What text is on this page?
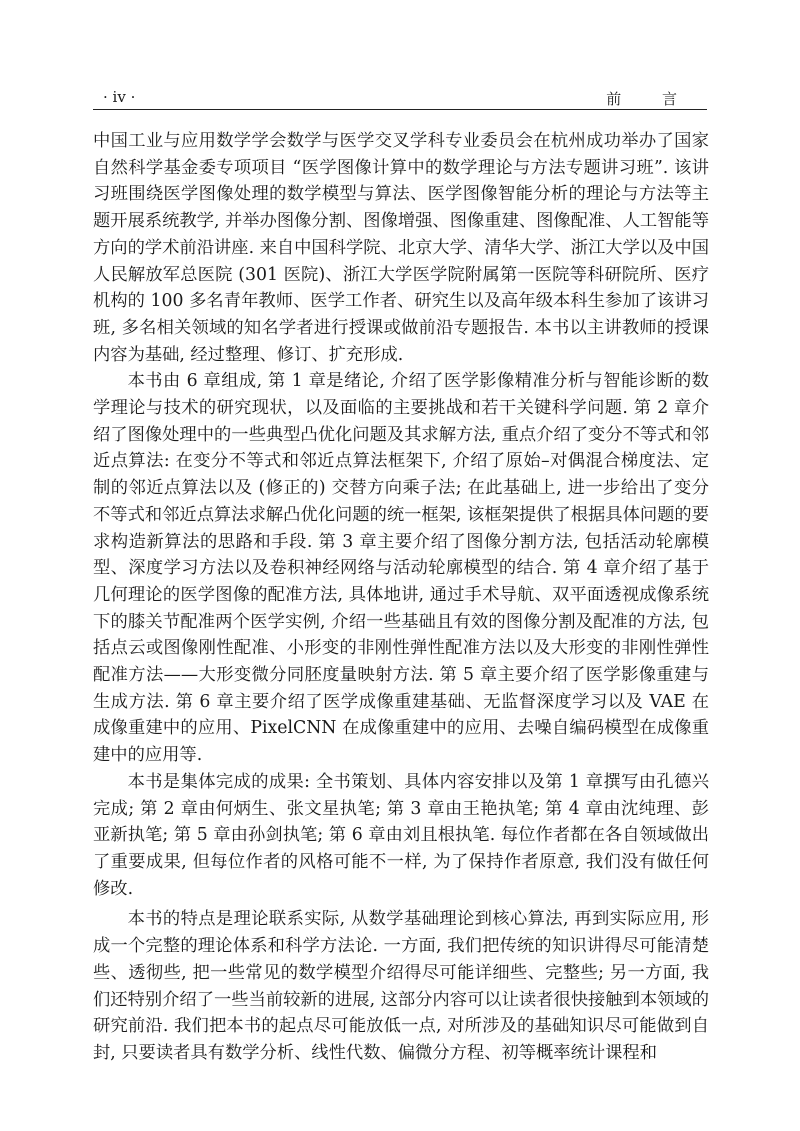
· iv ·	前 言

中国工业与应用数学学会数学与医学交叉学科专业委员会在杭州成功举办了国家自然科学基金委专项项目 “医学图像计算中的数学理论与方法专题讲习班”. 该讲习班围绕医学图像处理的数学模型与算法、医学图像智能分析的理论与方法等主题开展系统教学, 并举办图像分割、图像增强、图像重建、图像配准、人工智能等方向的学术前沿讲座. 来自中国科学院、北京大学、清华大学、浙江大学以及中国人民解放军总医院 (301 医院)、浙江大学医学院附属第一医院等科研院所、医疗机构的 100 多名青年教师、医学工作者、研究生以及高年级本科生参加了该讲习班, 多名相关领域的知名学者进行授课或做前沿专题报告. 本书以主讲教师的授课内容为基础, 经过整理、修订、扩充形成.

本书由 6 章组成, 第 1 章是绪论, 介绍了医学影像精准分析与智能诊断的数学理论与技术的研究现状，以及面临的主要挑战和若干关键科学问题. 第 2 章介绍了图像处理中的一些典型凸优化问题及其求解方法, 重点介绍了变分不等式和邻近点算法: 在变分不等式和邻近点算法框架下, 介绍了原始–对偶混合梯度法、定制的邻近点算法以及 (修正的) 交替方向乘子法; 在此基础上, 进一步给出了变分不等式和邻近点算法求解凸优化问题的统一框架, 该框架提供了根据具体问题的要求构造新算法的思路和手段. 第 3 章主要介绍了图像分割方法, 包括活动轮廓模型、深度学习方法以及卷积神经网络与活动轮廓模型的结合. 第 4 章介绍了基于几何理论的医学图像的配准方法, 具体地讲, 通过手术导航、双平面透视成像系统下的膝关节配准两个医学实例, 介绍一些基础且有效的图像分割及配准的方法, 包括点云或图像刚性配准、小形变的非刚性弹性配准方法以及大形变的非刚性弹性配准方法——大形变微分同胚度量映射方法. 第 5 章主要介绍了医学影像重建与生成方法. 第 6 章主要介绍了医学成像重建基础、无监督深度学习以及 VAE 在成像重建中的应用、PixelCNN 在成像重建中的应用、去噪自编码模型在成像重建中的应用等.

本书是集体完成的成果: 全书策划、具体内容安排以及第 1 章撰写由孔德兴完成; 第 2 章由何炳生、张文星执笔; 第 3 章由王艳执笔; 第 4 章由沈纯理、彭亚新执笔; 第 5 章由孙剑执笔; 第 6 章由刘且根执笔. 每位作者都在各自领域做出了重要成果, 但每位作者的风格可能不一样, 为了保持作者原意, 我们没有做任何修改.

本书的特点是理论联系实际, 从数学基础理论到核心算法, 再到实际应用, 形成一个完整的理论体系和科学方法论. 一方面, 我们把传统的知识讲得尽可能清楚些、透彻些, 把一些常见的数学模型介绍得尽可能详细些、完整些; 另一方面, 我们还特别介绍了一些当前较新的进展, 这部分内容可以让读者很快接触到本领域的研究前沿. 我们把本书的起点尽可能放低一点, 对所涉及的基础知识尽可能做到自封, 只要读者具有数学分析、线性代数、偏微分方程、初等概率统计课程和
